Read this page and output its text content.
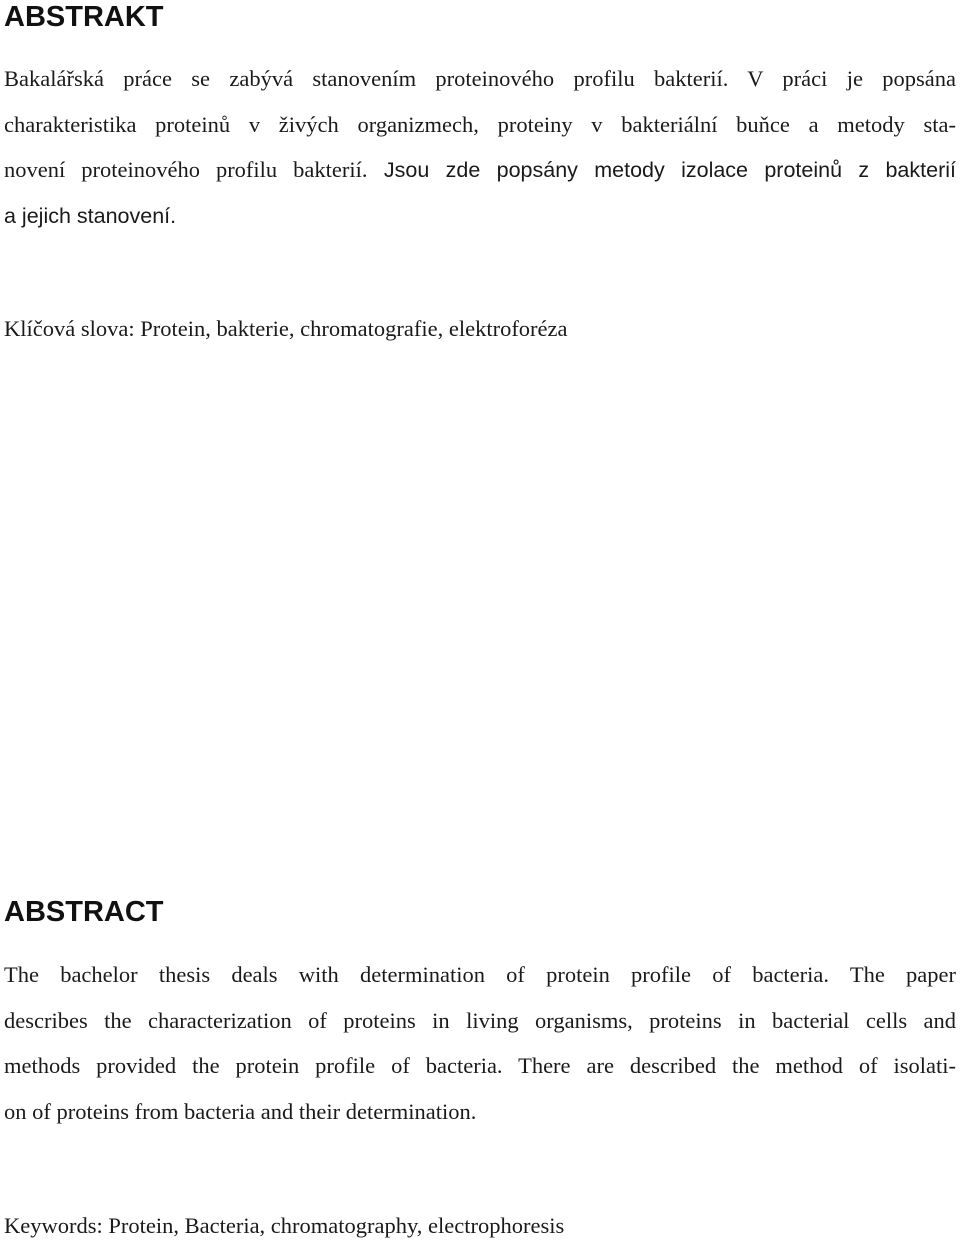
ABSTRAKT
Bakalářská práce se zabývá stanovením proteinového profilu bakterií. V práci je popsána
charakteristika proteinů v živých organizmech, proteiny v bakteriální buňce a metody sta-
novení proteinového profilu bakterií. Jsou zde popsány metody izolace proteinů z bakterií
a jejich stanovení.

Klíčová slova: Protein, bakterie, chromatografie, elektroforéza

ABSTRACT
The bachelor thesis deals with determination of protein profile of bacteria. The paper
describes the characterization of proteins in living organisms, proteins in bacterial cells and
methods provided the protein profile of bacteria. There are described the method of isolati-
on of proteins from bacteria and their determination.

Keywords: Protein, Bacteria, chromatography, electrophoresis
